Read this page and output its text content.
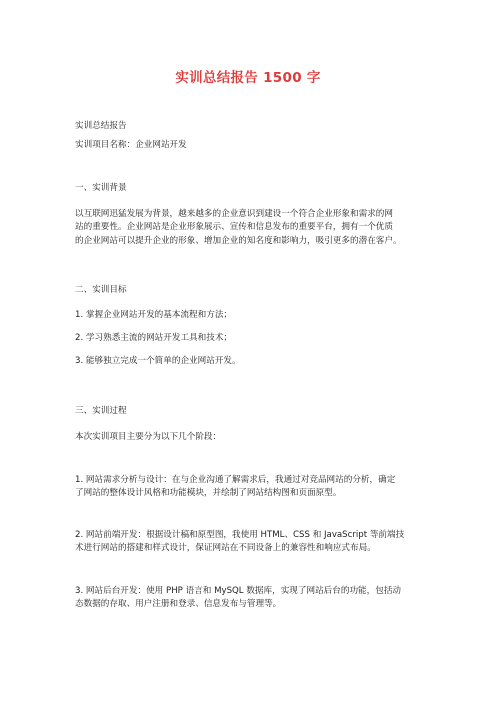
实训总结报告 1500 字
实训总结报告
实训项目名称：企业网站开发
一、实训背景
以互联网迅猛发展为背景，越来越多的企业意识到建设一个符合企业形象和需求的网
站的重要性。企业网站是企业形象展示、宣传和信息发布的重要平台，拥有一个优质
的企业网站可以提升企业的形象、增加企业的知名度和影响力，吸引更多的潜在客户。
二、实训目标
1. 掌握企业网站开发的基本流程和方法；
2. 学习熟悉主流的网站开发工具和技术；
3. 能够独立完成一个简单的企业网站开发。
三、实训过程
本次实训项目主要分为以下几个阶段：
1. 网站需求分析与设计：在与企业沟通了解需求后，我通过对竞品网站的分析，确定
了网站的整体设计风格和功能模块，并绘制了网站结构图和页面原型。
2. 网站前端开发：根据设计稿和原型图，我使用 HTML、CSS 和 JavaScript 等前端技
术进行网站的搭建和样式设计，保证网站在不同设备上的兼容性和响应式布局。
3. 网站后台开发：使用 PHP 语言和 MySQL 数据库，实现了网站后台的功能，包括动
态数据的存取、用户注册和登录、信息发布与管理等。
